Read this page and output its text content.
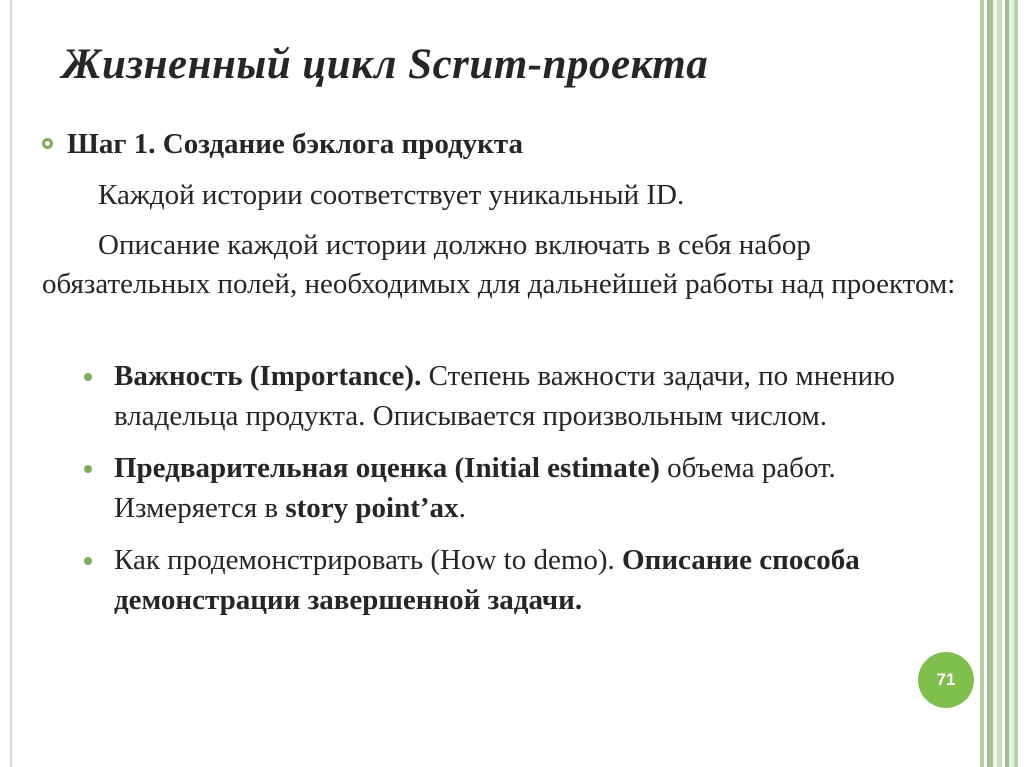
Жизненный цикл Scrum-проекта
Шаг 1. Создание бэклога продукта
Каждой истории соответствует уникальный ID.
Описание каждой истории должно включать в себя набор обязательных полей, необходимых для дальнейшей работы над проектом:
Важность (Importance). Степень важности задачи, по мнению владельца продукта. Описывается произвольным числом.
Предварительная оценка (Initial estimate) объема работ. Измеряется в story point’ax.
Как продемонстрировать (How to demo). Описание способа демонстрации завершенной задачи.
71
